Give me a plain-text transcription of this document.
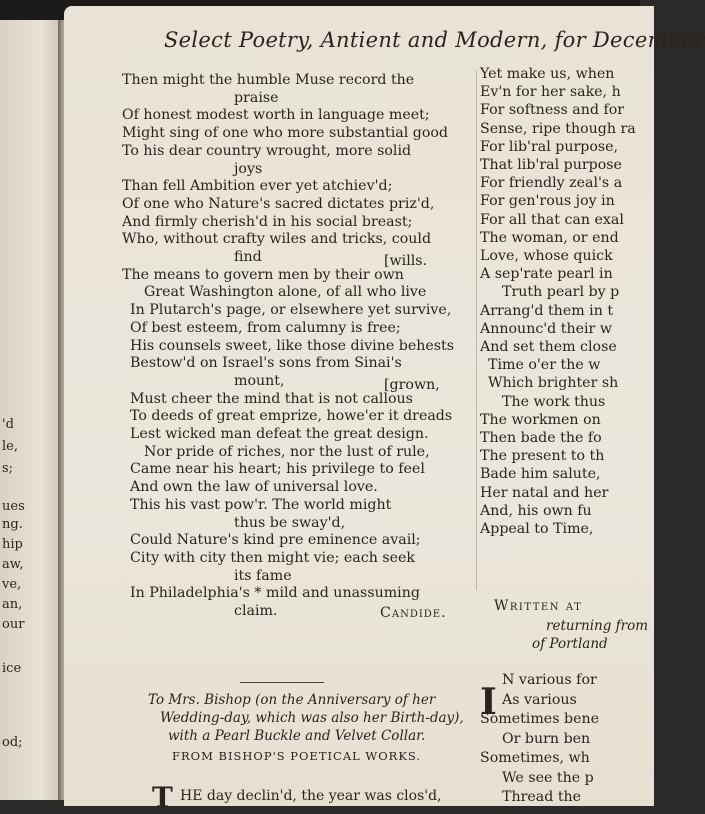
'd
le,
s;
ues
ng.
hip
aw,
ve,
an,
our
ice
od;
Select Poetry, Antient and Modern, for December
Then might the humble Muse record the
praise
Of honest modest worth in language meet;
Might sing of one who more substantial good
To his dear country wrought, more solid
joys
Than fell Ambition ever yet atchiev'd;
Of one who Nature's sacred dictates priz'd,
And firmly cherish'd in his social breast;
Who, without crafty wiles and tricks, could
find	[wills.
The means to govern men by their own
Great Washington alone, of all who live
In Plutarch's page, or elsewhere yet survive,
Of best esteem, from calumny is free;
His counsels sweet, like those divine behests
Bestow'd on Israel's sons from Sinai's
mount,	[grown,
Must cheer the mind that is not callous
To deeds of great emprize, howe'er it dreads
Lest wicked man defeat the great design.
Nor pride of riches, nor the lust of rule,
Came near his heart; his privilege to feel
And own the law of universal love.
This his vast pow'r. The world might
thus be sway'd,
Could Nature's kind pre eminence avail;
City with city then might vie; each seek
its fame
In Philadelphia's * mild and unassuming
claim.	Candide.
To Mrs. Bishop (on the Anniversary of her
Wedding-day, which was also her Birth-day),
with a Pearl Buckle and Velvet Collar.
FROM BISHOP'S POETICAL WORKS.
T HE day declin'd, the year was clos'd,
Written at
returning from
of Portland
I
Yet make us, when
Ev'n for her sake, h
For softness and for
Sense, ripe though ra
For lib'ral purpose,
That lib'ral purpose
For friendly zeal's a
For gen'rous joy in
For all that can exal
The woman, or end
Love, whose quick
A sep'rate pearl in
Truth pearl by p
Arrang'd them in t
Announc'd their w
And set them close
Time o'er the w
Which brighter sh
The work thus
The workmen on
Then bade the fo
The present to th
Bade him salute,
Her natal and her
And, his own fu
Appeal to Time,
N various for
As various
Sometimes bene
Or burn ben
Sometimes, wh
We see the p
Thread the
